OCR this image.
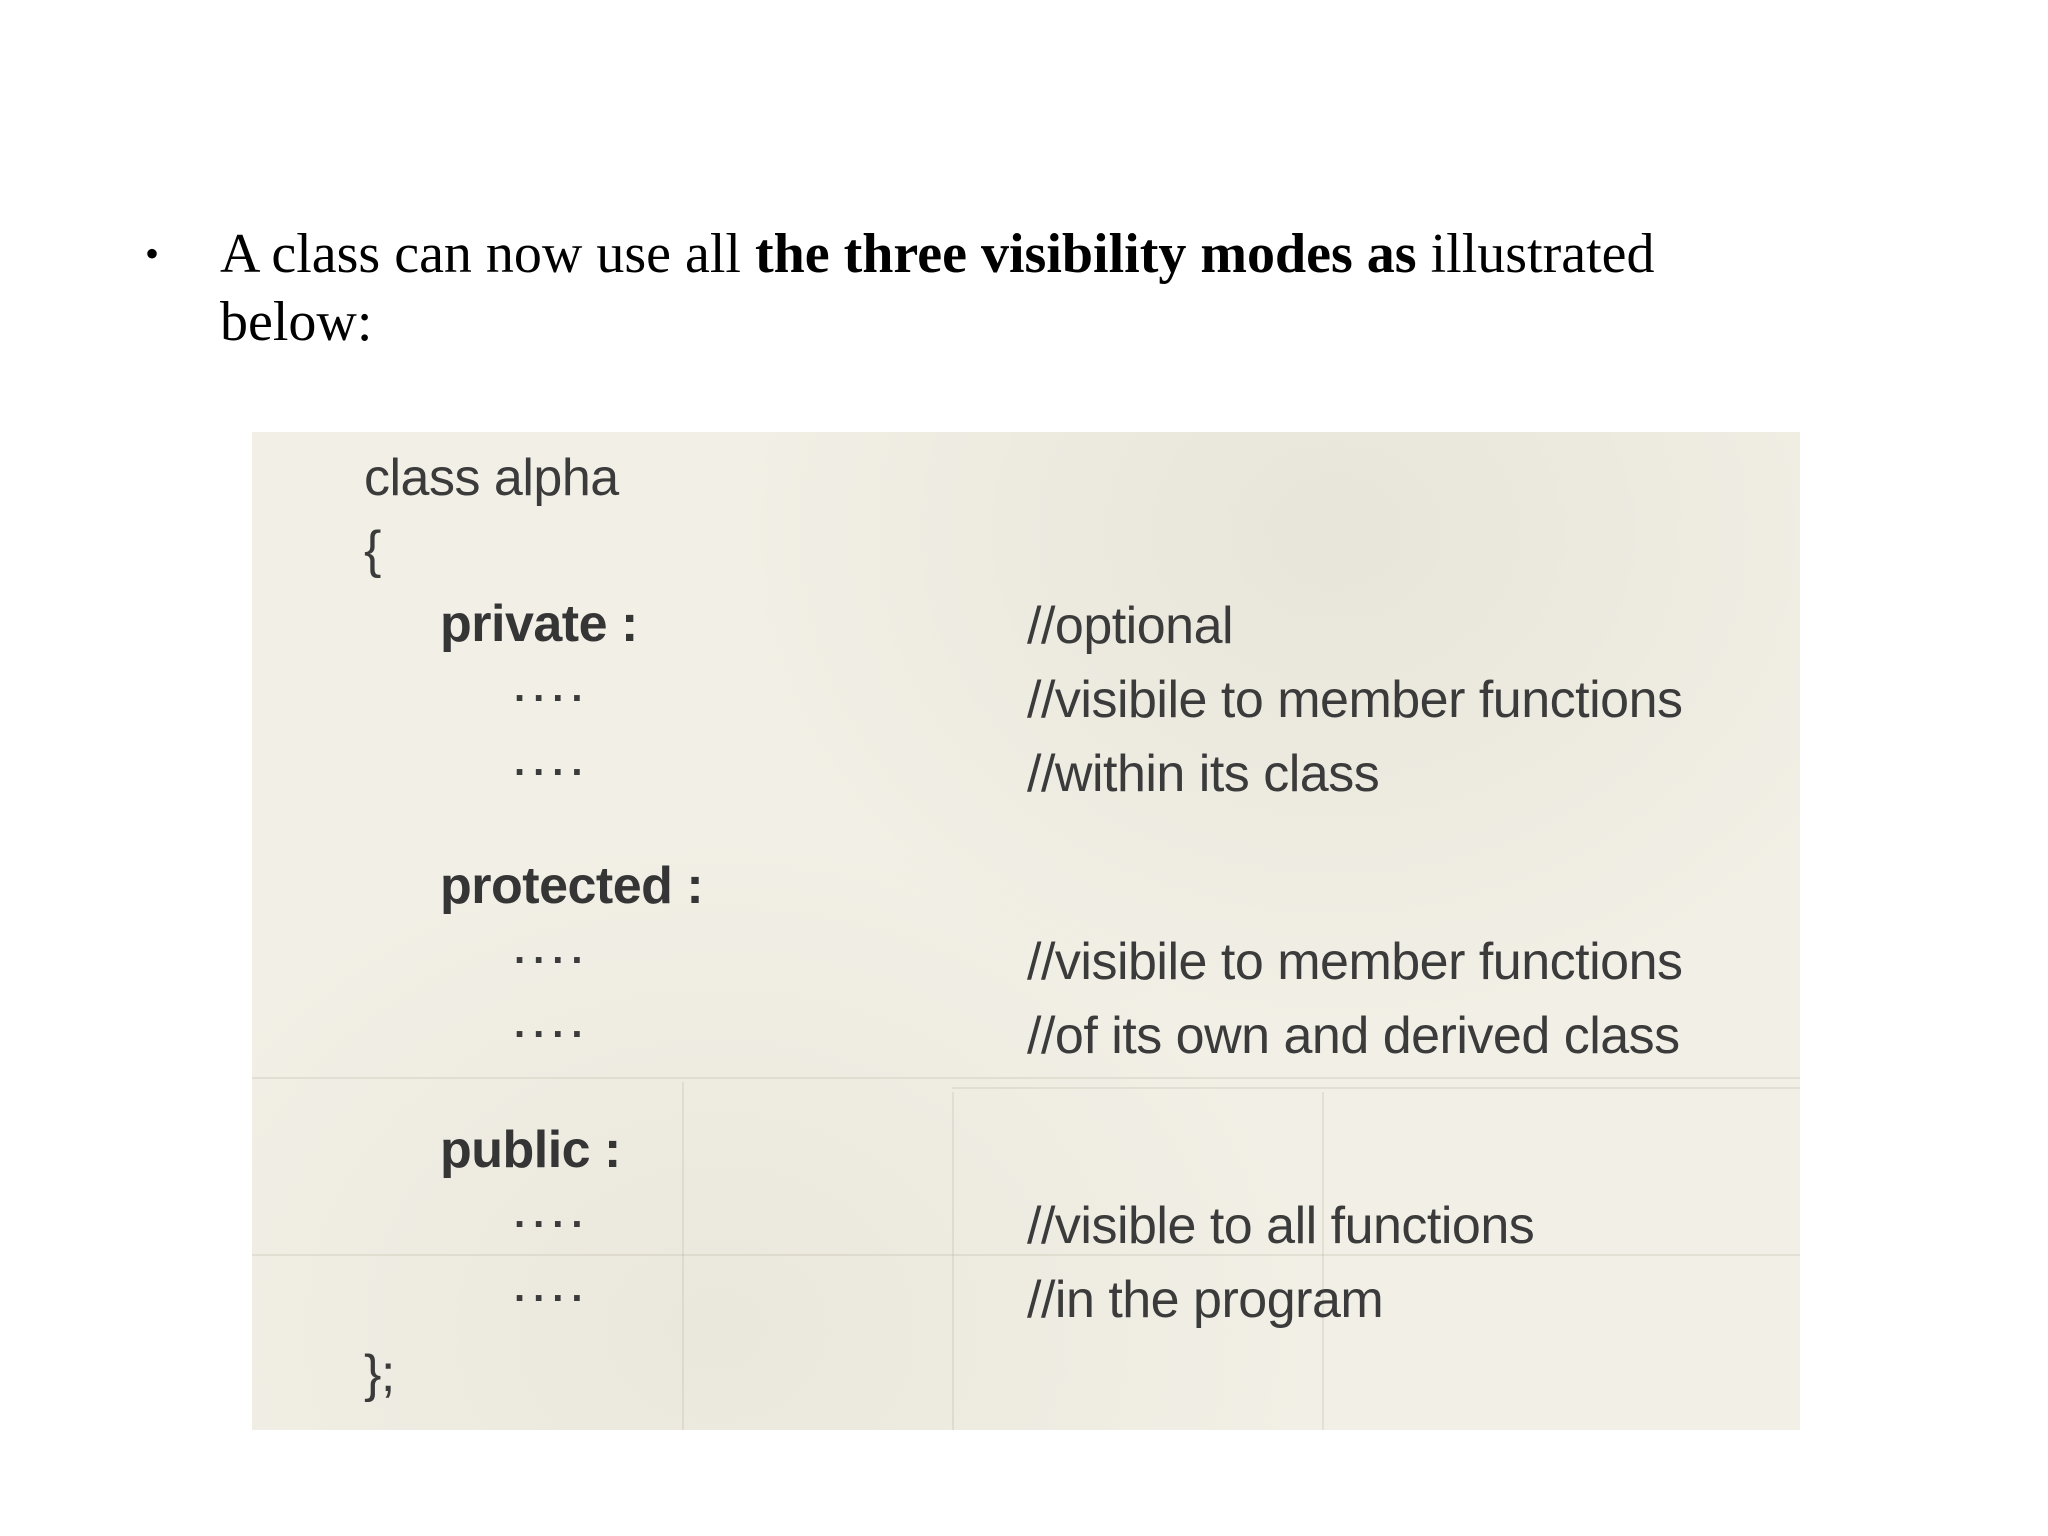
• A class can now use all the three visibility modes as illustrated below:
class alpha
{
private :
....
....
protected :
....
....
public :
....
....
};
//optional
//visibile to member functions
//within its class
//visibile to member functions
//of its own and derived class
//visible to all functions
//in the program
